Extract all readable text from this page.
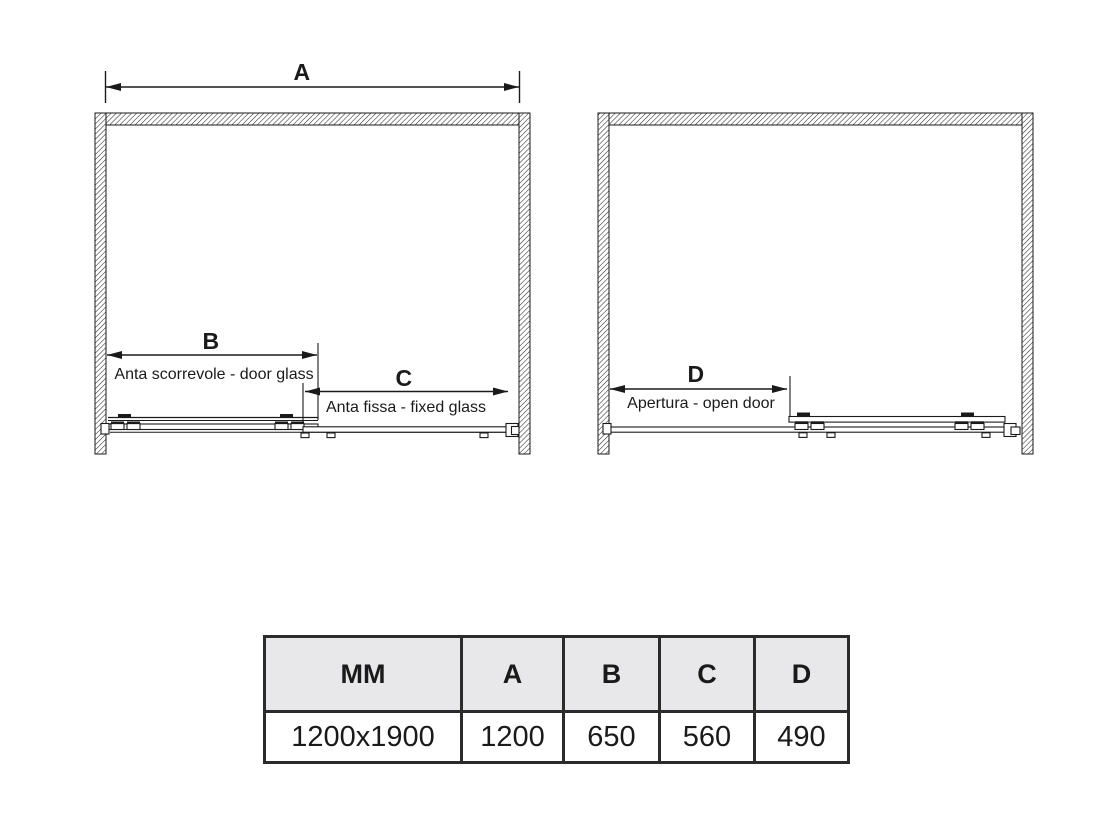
A
B
Anta scorrevole - door glass	C
Anta fissa - fixed glass
D
Apertura - open door
MM	A	B	C	D
1200x1900	1200	650	560	490
